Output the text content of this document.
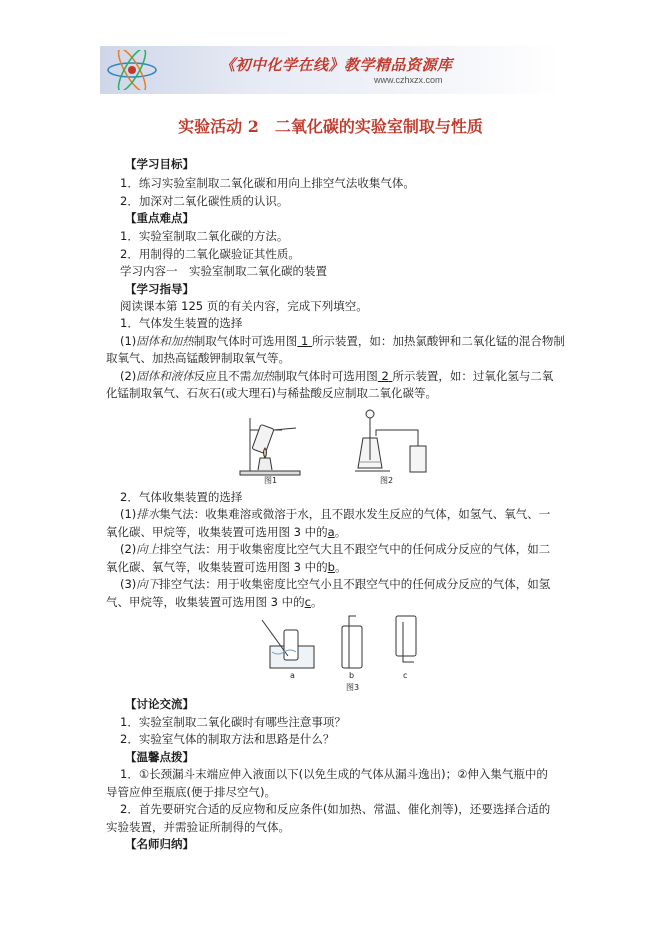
《初中化学在线》教学精品资源库
www.czhxzx.com
实验活动 2　二氧化碳的实验室制取与性质
【学习目标】
1．练习实验室制取二氧化碳和用向上排空气法收集气体。
2．加深对二氧化碳性质的认识。
【重点难点】
1．实验室制取二氧化碳的方法。
2．用制得的二氧化碳验证其性质。
学习内容一　实验室制取二氧化碳的装置
【学习指导】
阅读课本第 125 页的有关内容，完成下列填空。
1．气体发生装置的选择
(1)固体和加热制取气体时可选用图 1 所示装置，如：加热氯酸钾和二氧化锰的混合物制
取氧气、加热高锰酸钾制取氧气等。
(2)固体和液体反应且不需加热制取气体时可选用图 2 所示装置，如：过氧化氢与二氧
化锰制取氧气、石灰石(或大理石)与稀盐酸反应制取二氧化碳等。
图1	图2
2．气体收集装置的选择
(1)排水集气法：收集难溶或微溶于水，且不跟水发生反应的气体，如氢气、氧气、一
氧化碳、甲烷等，收集装置可选用图 3 中的a。
(2)向上排空气法：用于收集密度比空气大且不跟空气中的任何成分反应的气体，如二
氧化碳、氧气等，收集装置可选用图 3 中的b。
(3)向下排空气法：用于收集密度比空气小且不跟空气中的任何成分反应的气体，如氢
气、甲烷等，收集装置可选用图 3 中的c。
a	b	c
图3
【讨论交流】
1．实验室制取二氧化碳时有哪些注意事项？
2．实验室气体的制取方法和思路是什么？
【温馨点拨】
1．①长颈漏斗末端应伸入液面以下(以免生成的气体从漏斗逸出)；②伸入集气瓶中的
导管应伸至瓶底(便于排尽空气)。
2．首先要研究合适的反应物和反应条件(如加热、常温、催化剂等)，还要选择合适的
实验装置，并需验证所制得的气体。
【名师归纳】
